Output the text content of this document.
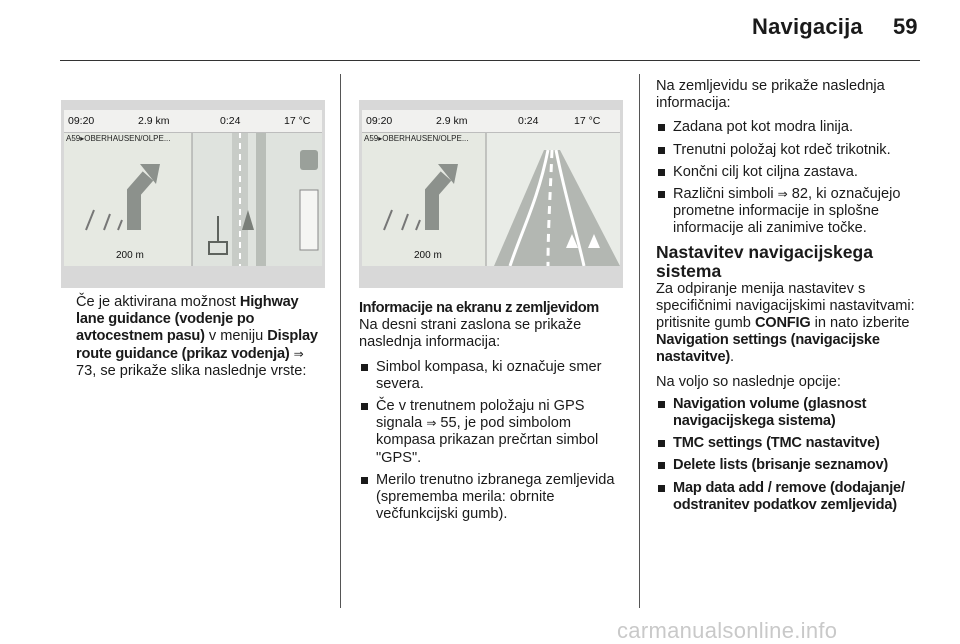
Navigacija 59
09:20	2.9 km	0:24	17 °C
A59▸OBERHAUSEN/OLPE...
200 m
09:20	2.9 km	0:24	17 °C
A59▸OBERHAUSEN/OLPE...
200 m

Če je aktivirana možnost Highway lane guidance (vodenje po avtocestnem pasu) v meniju Display route guidance (prikaz vodenja) ⇒ 73, se prikaže slika naslednje vrste:

Informacije na ekranu z zemljevidom

Na desni strani zaslona se prikaže naslednja informacija:

Simbol kompasa, ki označuje smer severa.
Če v trenutnem položaju ni GPS signala ⇒ 55, je pod simbolom kompasa prikazan prečrtan simbol "GPS".
Merilo trenutno izbranega zemljevida (sprememba merila: obrnite večfunkcijski gumb).

Na zemljevidu se prikaže naslednja informacija:

Zadana pot kot modra linija.
Trenutni položaj kot rdeč trikotnik.
Končni cilj kot ciljna zastava.
Različni simboli ⇒ 82, ki označujejo prometne informacije in splošne informacije ali zanimive točke.

Nastavitev navigacijskega sistema

Za odpiranje menija nastavitev s specifičnimi navigacijskimi nastavitvami: pritisnite gumb CONFIG in nato izberite Navigation settings (navigacijske nastavitve).

Na voljo so naslednje opcije:

Navigation volume (glasnost navigacijskega sistema)
TMC settings (TMC nastavitve)
Delete lists (brisanje seznamov)
Map data add / remove (dodajanje/ odstranitev podatkov zemljevida)
carmanualsonline.info
